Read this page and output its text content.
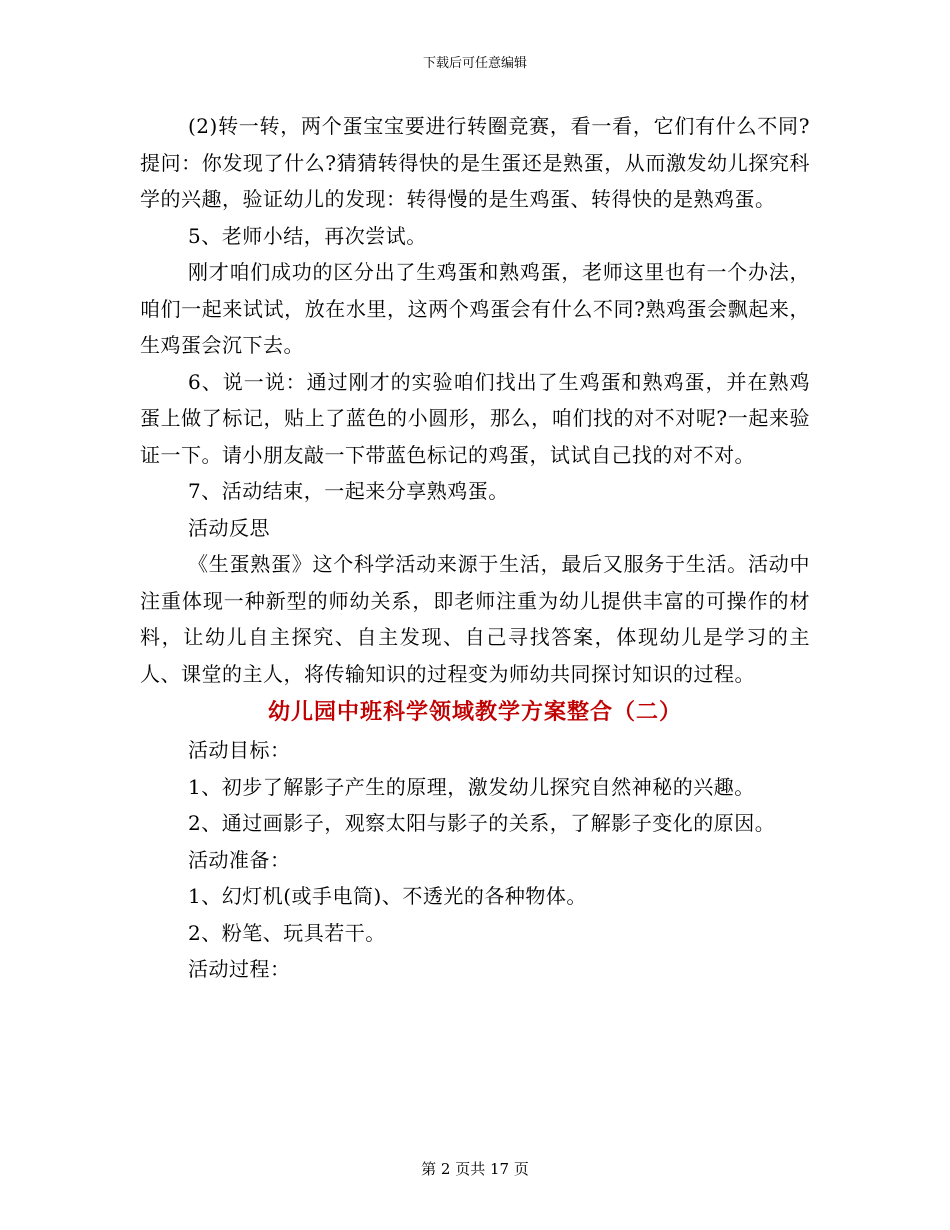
下载后可任意编辑

(2)转一转，两个蛋宝宝要进行转圈竞赛，看一看，它们有什么不同?提问：你发现了什么?猜猜转得快的是生蛋还是熟蛋，从而激发幼儿探究科学的兴趣，验证幼儿的发现：转得慢的是生鸡蛋、转得快的是熟鸡蛋。

5、老师小结，再次尝试。

刚才咱们成功的区分出了生鸡蛋和熟鸡蛋，老师这里也有一个办法，咱们一起来试试，放在水里，这两个鸡蛋会有什么不同?熟鸡蛋会飘起来，生鸡蛋会沉下去。

6、说一说：通过刚才的实验咱们找出了生鸡蛋和熟鸡蛋，并在熟鸡蛋上做了标记，贴上了蓝色的小圆形，那么，咱们找的对不对呢?一起来验证一下。请小朋友敲一下带蓝色标记的鸡蛋，试试自己找的对不对。

7、活动结束，一起来分享熟鸡蛋。

活动反思

《生蛋熟蛋》这个科学活动来源于生活，最后又服务于生活。活动中注重体现一种新型的师幼关系，即老师注重为幼儿提供丰富的可操作的材料，让幼儿自主探究、自主发现、自己寻找答案，体现幼儿是学习的主人、课堂的主人，将传输知识的过程变为师幼共同探讨知识的过程。

幼儿园中班科学领域教学方案整合（二）

活动目标：

1、初步了解影子产生的原理，激发幼儿探究自然神秘的兴趣。

2、通过画影子，观察太阳与影子的关系，了解影子变化的原因。

活动准备：

1、幻灯机(或手电筒)、不透光的各种物体。

2、粉笔、玩具若干。

活动过程：

第 2 页共 17 页
